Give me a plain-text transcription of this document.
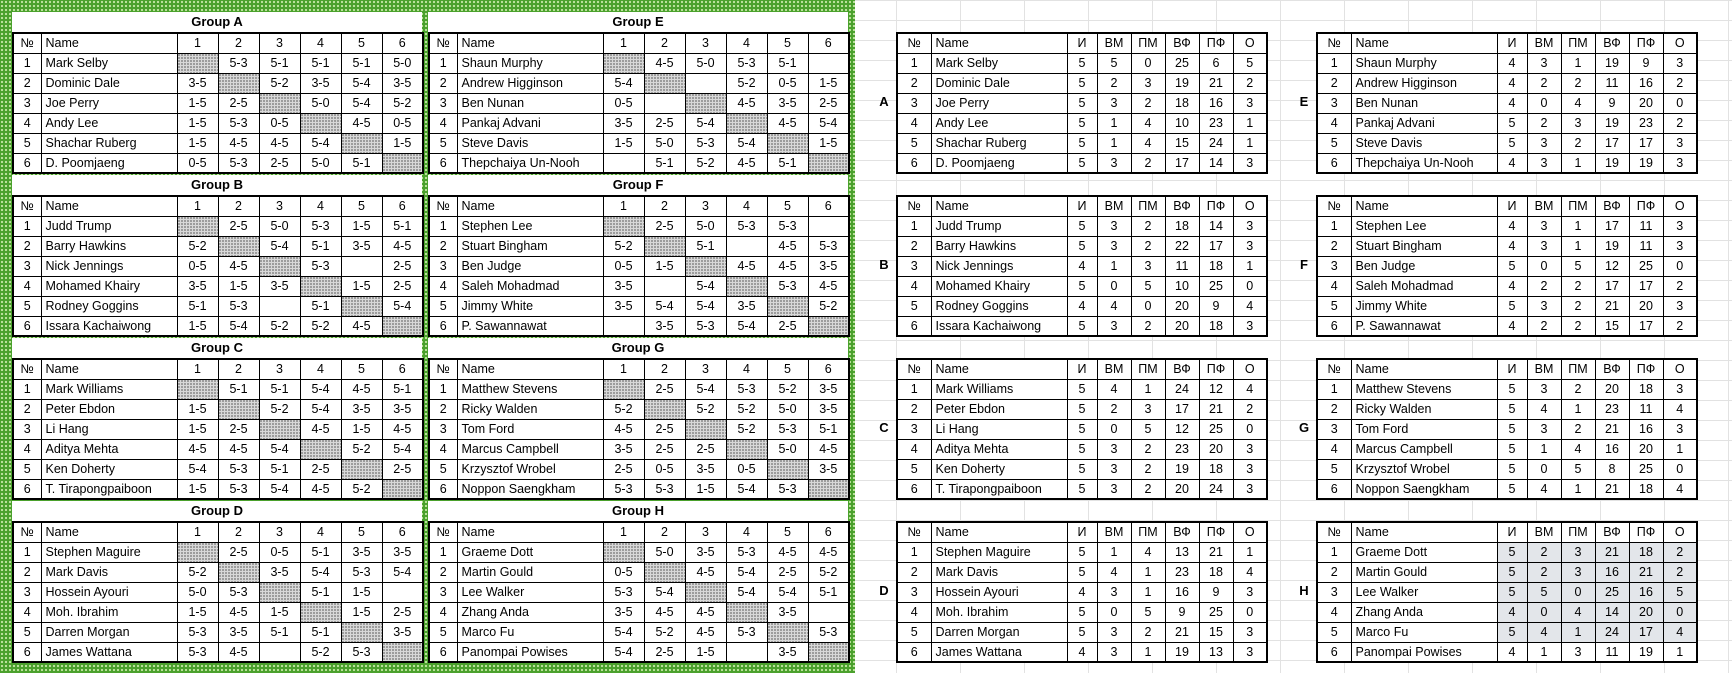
Group A
№	Name	1	2	3	4	5	6
1	Mark Selby		5-3	5-1	5-1	5-1	5-0
2	Dominic Dale	3-5		5-2	3-5	5-4	3-5
3	Joe Perry	1-5	2-5		5-0	5-4	5-2
4	Andy Lee	1-5	5-3	0-5		4-5	0-5
5	Shachar Ruberg	1-5	4-5	4-5	5-4		1-5
6	D. Poomjaeng	0-5	5-3	2-5	5-0	5-1	
№	Name	И	ВМ	ПМ	ВФ	ПФ	О
1	Mark Selby	5	5	0	25	6	5
2	Dominic Dale	5	2	3	19	21	2
3	Joe Perry	5	3	2	18	16	3
4	Andy Lee	5	1	4	10	23	1
5	Shachar Ruberg	5	1	4	15	24	1
6	D. Poomjaeng	5	3	2	17	14	3
A
Group B
№	Name	1	2	3	4	5	6
1	Judd Trump		2-5	5-0	5-3	1-5	5-1
2	Barry Hawkins	5-2		5-4	5-1	3-5	4-5
3	Nick Jennings	0-5	4-5		5-3		2-5
4	Mohamed Khairy	3-5	1-5	3-5		1-5	2-5
5	Rodney Goggins	5-1	5-3		5-1		5-4
6	Issara Kachaiwong	1-5	5-4	5-2	5-2	4-5	
№	Name	И	ВМ	ПМ	ВФ	ПФ	О
1	Judd Trump	5	3	2	18	14	3
2	Barry Hawkins	5	3	2	22	17	3
3	Nick Jennings	4	1	3	11	18	1
4	Mohamed Khairy	5	0	5	10	25	0
5	Rodney Goggins	4	4	0	20	9	4
6	Issara Kachaiwong	5	3	2	20	18	3
B
Group C
№	Name	1	2	3	4	5	6
1	Mark Williams		5-1	5-1	5-4	4-5	5-1
2	Peter Ebdon	1-5		5-2	5-4	3-5	3-5
3	Li Hang	1-5	2-5		4-5	1-5	4-5
4	Aditya Mehta	4-5	4-5	5-4		5-2	5-4
5	Ken Doherty	5-4	5-3	5-1	2-5		2-5
6	T. Tirapongpaiboon	1-5	5-3	5-4	4-5	5-2	
№	Name	И	ВМ	ПМ	ВФ	ПФ	О
1	Mark Williams	5	4	1	24	12	4
2	Peter Ebdon	5	2	3	17	21	2
3	Li Hang	5	0	5	12	25	0
4	Aditya Mehta	5	3	2	23	20	3
5	Ken Doherty	5	3	2	19	18	3
6	T. Tirapongpaiboon	5	3	2	20	24	3
C
Group D
№	Name	1	2	3	4	5	6
1	Stephen Maguire		2-5	0-5	5-1	3-5	3-5
2	Mark Davis	5-2		3-5	5-4	5-3	5-4
3	Hossein Ayouri	5-0	5-3		5-1	1-5	
4	Moh. Ibrahim	1-5	4-5	1-5		1-5	2-5
5	Darren Morgan	5-3	3-5	5-1	5-1		3-5
6	James Wattana	5-3	4-5		5-2	5-3	
№	Name	И	ВМ	ПМ	ВФ	ПФ	О
1	Stephen Maguire	5	1	4	13	21	1
2	Mark Davis	5	4	1	23	18	4
3	Hossein Ayouri	4	3	1	16	9	3
4	Moh. Ibrahim	5	0	5	9	25	0
5	Darren Morgan	5	3	2	21	15	3
6	James Wattana	4	3	1	19	13	3
D
Group E
№	Name	1	2	3	4	5	6
1	Shaun Murphy		4-5	5-0	5-3	5-1	
2	Andrew Higginson	5-4			5-2	0-5	1-5
3	Ben Nunan	0-5			4-5	3-5	2-5
4	Pankaj Advani	3-5	2-5	5-4		4-5	5-4
5	Steve Davis	1-5	5-0	5-3	5-4		1-5
6	Thepchaiya Un-Nooh		5-1	5-2	4-5	5-1	
№	Name	И	ВМ	ПМ	ВФ	ПФ	О
1	Shaun Murphy	4	3	1	19	9	3
2	Andrew Higginson	4	2	2	11	16	2
3	Ben Nunan	4	0	4	9	20	0
4	Pankaj Advani	5	2	3	19	23	2
5	Steve Davis	5	3	2	17	17	3
6	Thepchaiya Un-Nooh	4	3	1	19	19	3
E
Group F
№	Name	1	2	3	4	5	6
1	Stephen Lee		2-5	5-0	5-3	5-3	
2	Stuart Bingham	5-2		5-1		4-5	5-3
3	Ben Judge	0-5	1-5		4-5	4-5	3-5
4	Saleh Mohadmad	3-5		5-4		5-3	4-5
5	Jimmy White	3-5	5-4	5-4	3-5		5-2
6	P. Sawannawat		3-5	5-3	5-4	2-5	
№	Name	И	ВМ	ПМ	ВФ	ПФ	О
1	Stephen Lee	4	3	1	17	11	3
2	Stuart Bingham	4	3	1	19	11	3
3	Ben Judge	5	0	5	12	25	0
4	Saleh Mohadmad	4	2	2	17	17	2
5	Jimmy White	5	3	2	21	20	3
6	P. Sawannawat	4	2	2	15	17	2
F
Group G
№	Name	1	2	3	4	5	6
1	Matthew Stevens		2-5	5-4	5-3	5-2	3-5
2	Ricky Walden	5-2		5-2	5-2	5-0	3-5
3	Tom Ford	4-5	2-5		5-2	5-3	5-1
4	Marcus Campbell	3-5	2-5	2-5		5-0	4-5
5	Krzysztof Wrobel	2-5	0-5	3-5	0-5		3-5
6	Noppon Saengkham	5-3	5-3	1-5	5-4	5-3	
№	Name	И	ВМ	ПМ	ВФ	ПФ	О
1	Matthew Stevens	5	3	2	20	18	3
2	Ricky Walden	5	4	1	23	11	4
3	Tom Ford	5	3	2	21	16	3
4	Marcus Campbell	5	1	4	16	20	1
5	Krzysztof Wrobel	5	0	5	8	25	0
6	Noppon Saengkham	5	4	1	21	18	4
G
Group H
№	Name	1	2	3	4	5	6
1	Graeme Dott		5-0	3-5	5-3	4-5	4-5
2	Martin Gould	0-5		4-5	5-4	2-5	5-2
3	Lee Walker	5-3	5-4		5-4	5-4	5-1
4	Zhang Anda	3-5	4-5	4-5		3-5	
5	Marco Fu	5-4	5-2	4-5	5-3		5-3
6	Panompai Powises	5-4	2-5	1-5		3-5	
№	Name	И	ВМ	ПМ	ВФ	ПФ	О
1	Graeme Dott	5	2	3	21	18	2
2	Martin Gould	5	2	3	16	21	2
3	Lee Walker	5	5	0	25	16	5
4	Zhang Anda	4	0	4	14	20	0
5	Marco Fu	5	4	1	24	17	4
6	Panompai Powises	4	1	3	11	19	1
H
